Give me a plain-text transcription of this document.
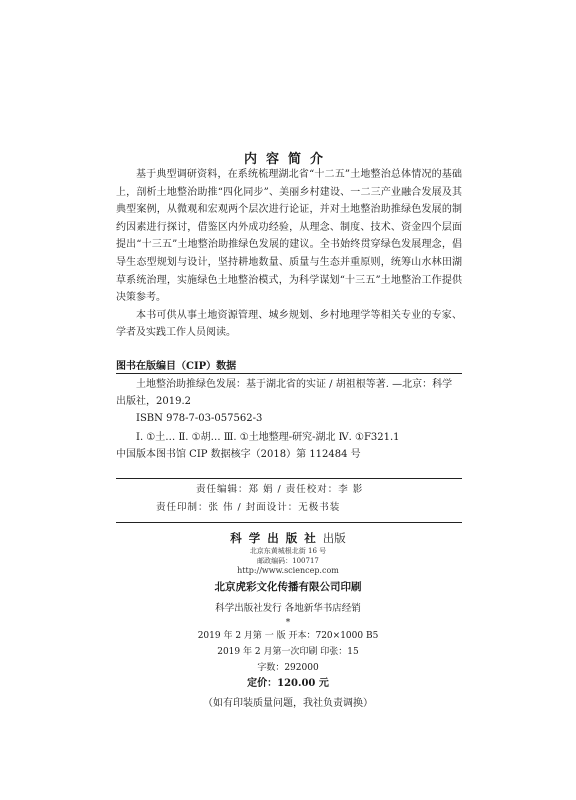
内容简介

基于典型调研资料，在系统梳理湖北省“十二五”土地整治总体情况的基础上，剖析土地整治助推“四化同步”、美丽乡村建设、一二三产业融合发展及其典型案例，从微观和宏观两个层次进行论证，并对土地整治助推绿色发展的制约因素进行探讨，借鉴区内外成功经验，从理念、制度、技术、资金四个层面提出“十三五”土地整治助推绿色发展的建议。全书始终贯穿绿色发展理念，倡导生态型规划与设计，坚持耕地数量、质量与生态并重原则，统筹山水林田湖草系统治理，实施绿色土地整治模式，为科学谋划“十三五”土地整治工作提供决策参考。

本书可供从事土地资源管理、城乡规划、乡村地理学等相关专业的专家、学者及实践工作人员阅读。

图书在版编目（CIP）数据
土地整治助推绿色发展：基于湖北省的实证 / 胡祖根等著. —北京：科学出版社，2019.2
ISBN 978-7-03-057562-3
Ⅰ. ①土… Ⅱ. ①胡… Ⅲ. ①土地整理-研究-湖北 Ⅳ. ①F321.1
中国版本图书馆 CIP 数据核字（2018）第 112484 号
责任编辑：郑 娟 / 责任校对：李 影
责任印制：张 伟 / 封面设计：无极书装
科学出版社出版
北京东黄城根北街 16 号
邮政编码：100717
http://www.sciencep.com
北京虎彩文化传播有限公司印刷
科学出版社发行 各地新华书店经销
*
2019 年 2 月第 一 版 开本：720×1000 B5
2019 年 2 月第一次印刷 印张：15
字数：292000
定价：120.00 元
（如有印装质量问题，我社负责调换）
